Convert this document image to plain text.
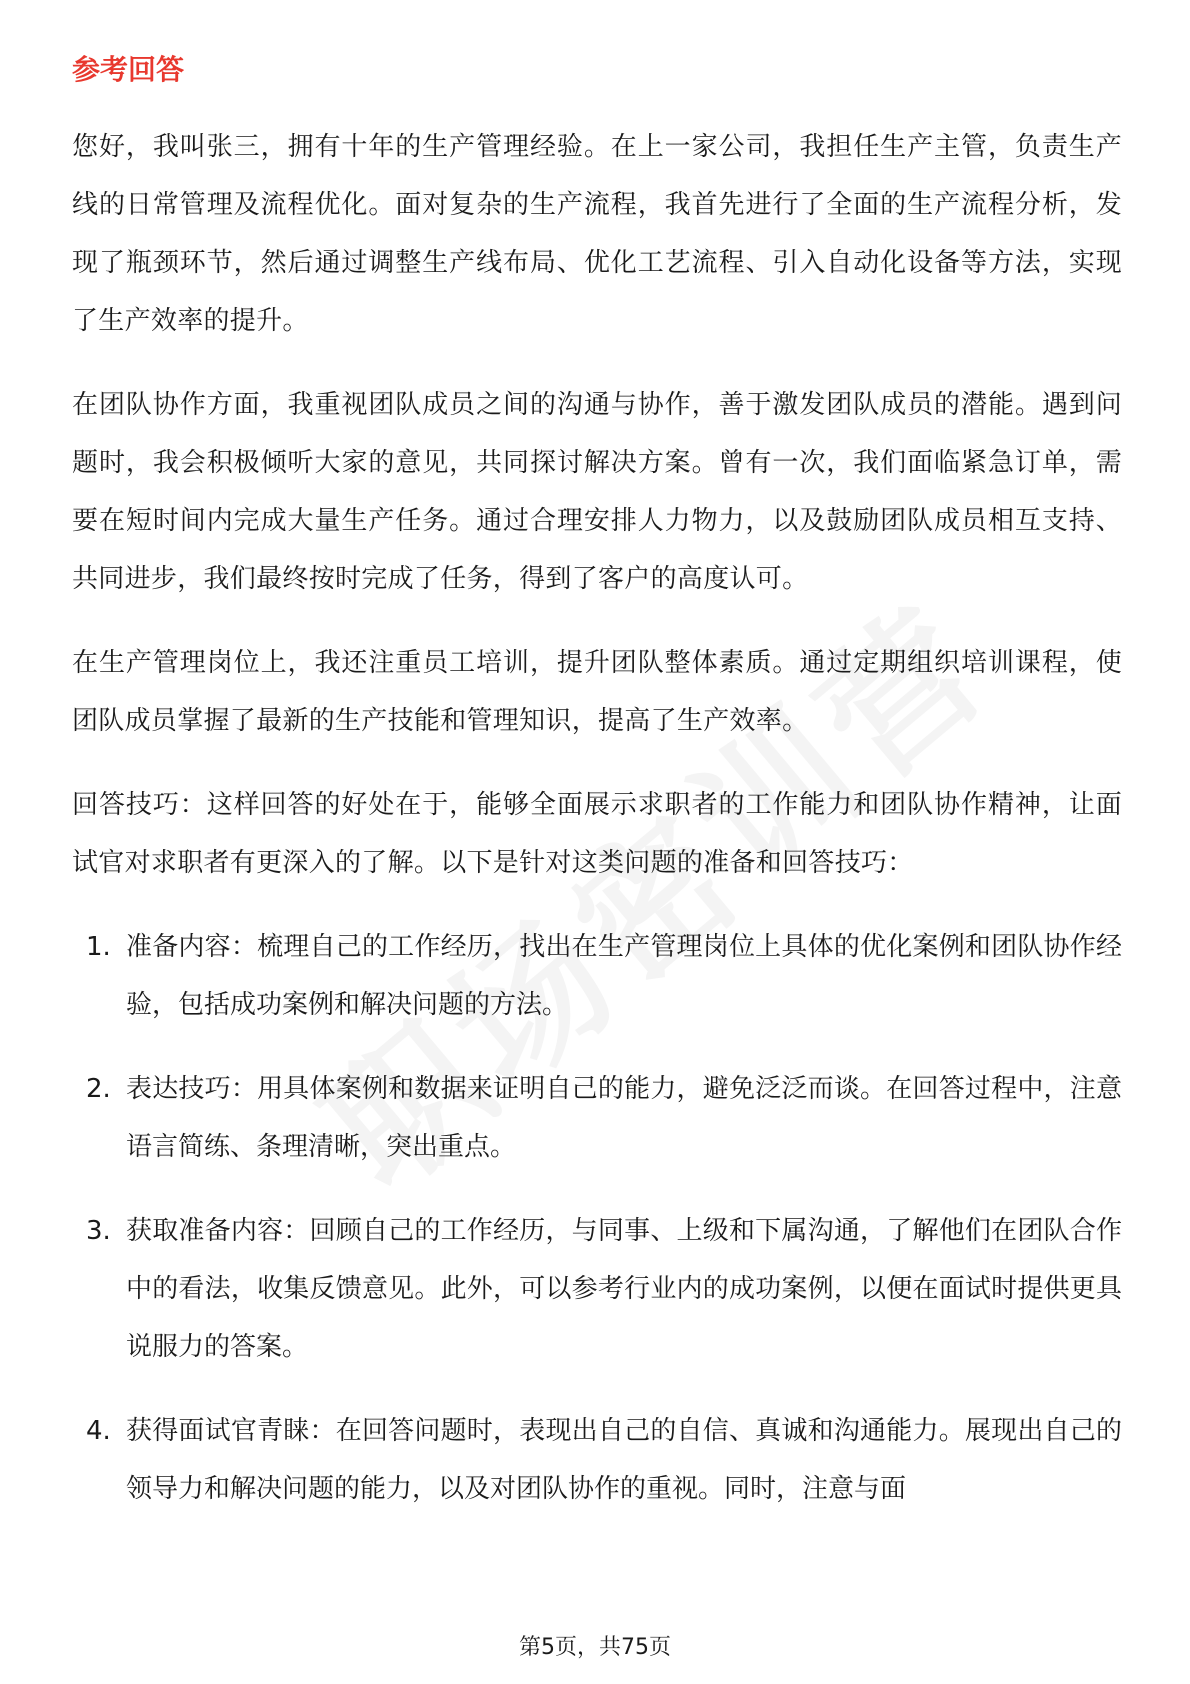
参考回答

您好，我叫张三，拥有十年的生产管理经验。在上一家公司，我担任生产主管，负责生产线的日常管理及流程优化。面对复杂的生产流程，我首先进行了全面的生产流程分析，发现了瓶颈环节，然后通过调整生产线布局、优化工艺流程、引入自动化设备等方法，实现了生产效率的提升。

在团队协作方面，我重视团队成员之间的沟通与协作，善于激发团队成员的潜能。遇到问题时，我会积极倾听大家的意见，共同探讨解决方案。曾有一次，我们面临紧急订单，需要在短时间内完成大量生产任务。通过合理安排人力物力，以及鼓励团队成员相互支持、共同进步，我们最终按时完成了任务，得到了客户的高度认可。

在生产管理岗位上，我还注重员工培训，提升团队整体素质。通过定期组织培训课程，使团队成员掌握了最新的生产技能和管理知识，提高了生产效率。

回答技巧：这样回答的好处在于，能够全面展示求职者的工作能力和团队协作精神，让面试官对求职者有更深入的了解。以下是针对这类问题的准备和回答技巧：

1. 准备内容：梳理自己的工作经历，找出在生产管理岗位上具体的优化案例和团队协作经验，包括成功案例和解决问题的方法。
2. 表达技巧：用具体案例和数据来证明自己的能力，避免泛泛而谈。在回答过程中，注意语言简练、条理清晰，突出重点。
3. 获取准备内容：回顾自己的工作经历，与同事、上级和下属沟通，了解他们在团队合作中的看法，收集反馈意见。此外，可以参考行业内的成功案例，以便在面试时提供更具说服力的答案。
4. 获得面试官青睐：在回答问题时，表现出自己的自信、真诚和沟通能力。展现出自己的领导力和解决问题的能力，以及对团队协作的重视。同时，注意与面
第5页，共75页
